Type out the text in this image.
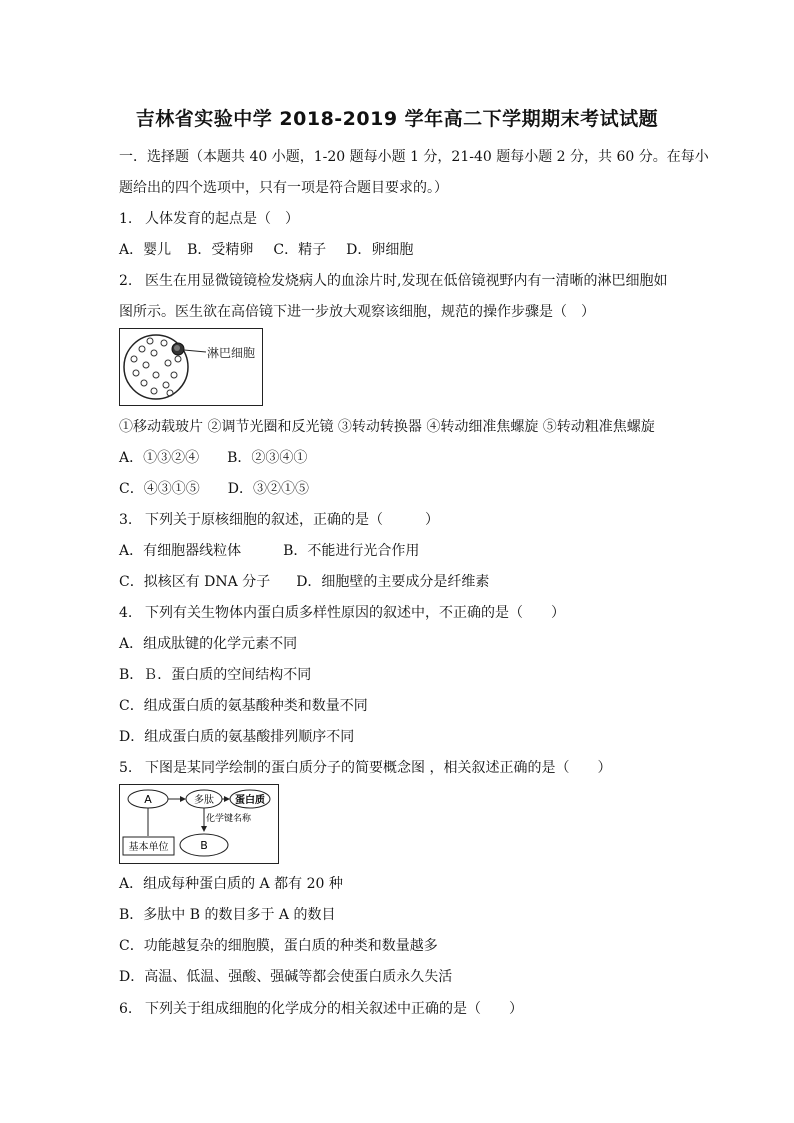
吉林省实验中学 2018-2019 学年高二下学期期末考试试题
一．选择题（本题共 40 小题，1-20 题每小题 1 分，21-40 题每小题 2 分，共 60 分。在每小
题给出的四个选项中，只有一项是符合题目要求的。）
1. 人体发育的起点是（　）
A．婴儿 B．受精卵 C．精子 D．卵细胞
2. 医生在用显微镜镜检发烧病人的血涂片时,发现在低倍镜视野内有一清晰的淋巴细胞如
图所示。医生欲在高倍镜下进一步放大观察该细胞，规范的操作步骤是（　）
淋巴细胞
①移动载玻片 ②调节光圈和反光镜 ③转动转换器 ④转动细准焦螺旋 ⑤转动粗准焦螺旋
A．①③②④ B．②③④①
C．④③①⑤ D．③②①⑤
3. 下列关于原核细胞的叙述，正确的是（　　　）
A．有细胞器线粒体	B．不能进行光合作用
C．拟核区有 DNA 分子 D．细胞壁的主要成分是纤维素
4. 下列有关生物体内蛋白质多样性原因的叙述中，不正确的是（　　）
A．组成肽键的化学元素不同
B．Ｂ．蛋白质的空间结构不同
C．组成蛋白质的氨基酸种类和数量不同
D．组成蛋白质的氨基酸排列顺序不同
5. 下图是某同学绘制的蛋白质分子的简要概念图 ，相关叙述正确的是（　　）
A	多肽 蛋白质
基本单位
化学键名称
B
A．组成每种蛋白质的 A 都有 20 种
B．多肽中 B 的数目多于 A 的数目
C．功能越复杂的细胞膜，蛋白质的种类和数量越多
D．高温、低温、强酸、强碱等都会使蛋白质永久失活
6. 下列关于组成细胞的化学成分的相关叙述中正确的是（　　）
